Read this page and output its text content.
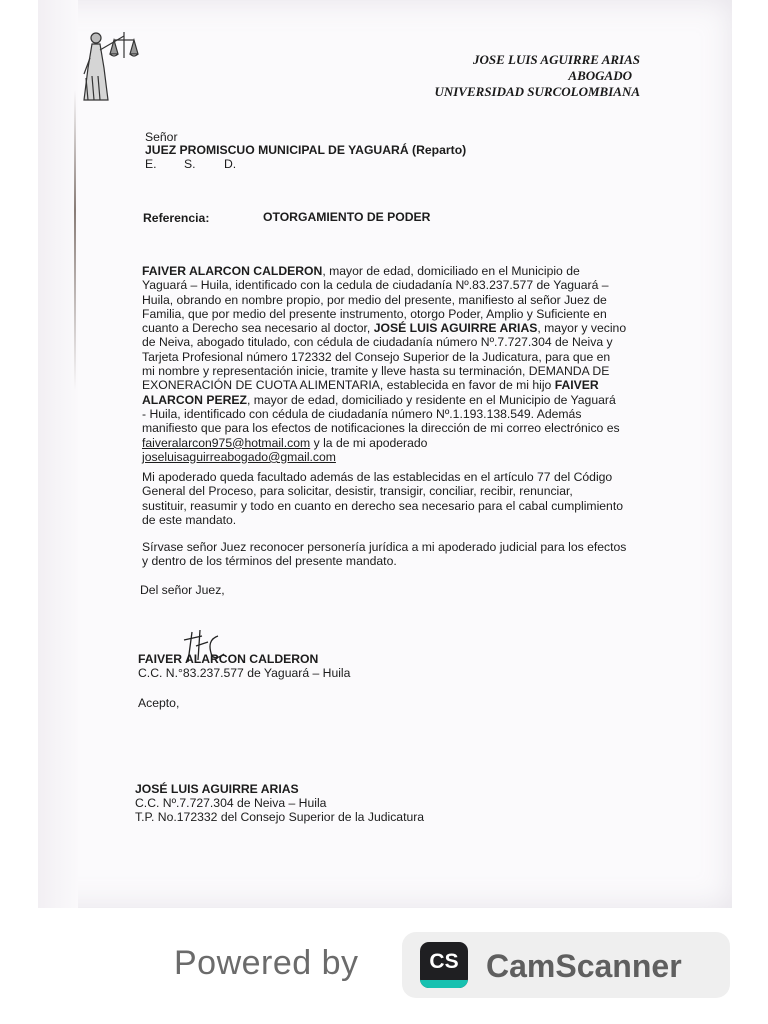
JOSE LUIS AGUIRRE ARIAS
ABOGADO
UNIVERSIDAD SURCOLOMBIANA
Señor
JUEZ PROMISCUO MUNICIPAL DE YAGUARÁ (Reparto)
E. S. D.
Referencia:	OTORGAMIENTO DE PODER
FAIVER ALARCON CALDERON, mayor de edad, domiciliado en el Municipio de
Yaguará – Huila, identificado con la cedula de ciudadanía Nº.83.237.577 de Yaguará –
Huila, obrando en nombre propio, por medio del presente, manifiesto al señor Juez de
Familia, que por medio del presente instrumento, otorgo Poder, Amplio y Suficiente en
cuanto a Derecho sea necesario al doctor, JOSÉ LUIS AGUIRRE ARIAS, mayor y vecino
de Neiva, abogado titulado, con cédula de ciudadanía número Nº.7.727.304 de Neiva y
Tarjeta Profesional número 172332 del Consejo Superior de la Judicatura, para que en
mi nombre y representación inicie, tramite y lleve hasta su terminación, DEMANDA DE
EXONERACIÓN DE CUOTA ALIMENTARIA, establecida en favor de mi hijo FAIVER
ALARCON PEREZ, mayor de edad, domiciliado y residente en el Municipio de Yaguará
- Huila, identificado con cédula de ciudadanía número Nº.1.193.138.549. Además
manifiesto que para los efectos de notificaciones la dirección de mi correo electrónico es
faiveralarcon975@hotmail.com y la de mi apoderado
joseluisaguirreabogado@gmail.com
Mi apoderado queda facultado además de las establecidas en el artículo 77 del Código
General del Proceso, para solicitar, desistir, transigir, conciliar, recibir, renunciar,
sustituir, reasumir y todo en cuanto en derecho sea necesario para el cabal cumplimiento
de este mandato.
Sírvase señor Juez reconocer personería jurídica a mi apoderado judicial para los efectos
y dentro de los términos del presente mandato.
Del señor Juez,
FAIVER ALARCON CALDERON
C.C. N.°83.237.577 de Yaguará – Huila
Acepto,
JOSÉ LUIS AGUIRRE ARIAS
C.C. Nº.7.727.304 de Neiva – Huila
T.P. No.172332 del Consejo Superior de la Judicatura
Powered by	CS CamScanner
